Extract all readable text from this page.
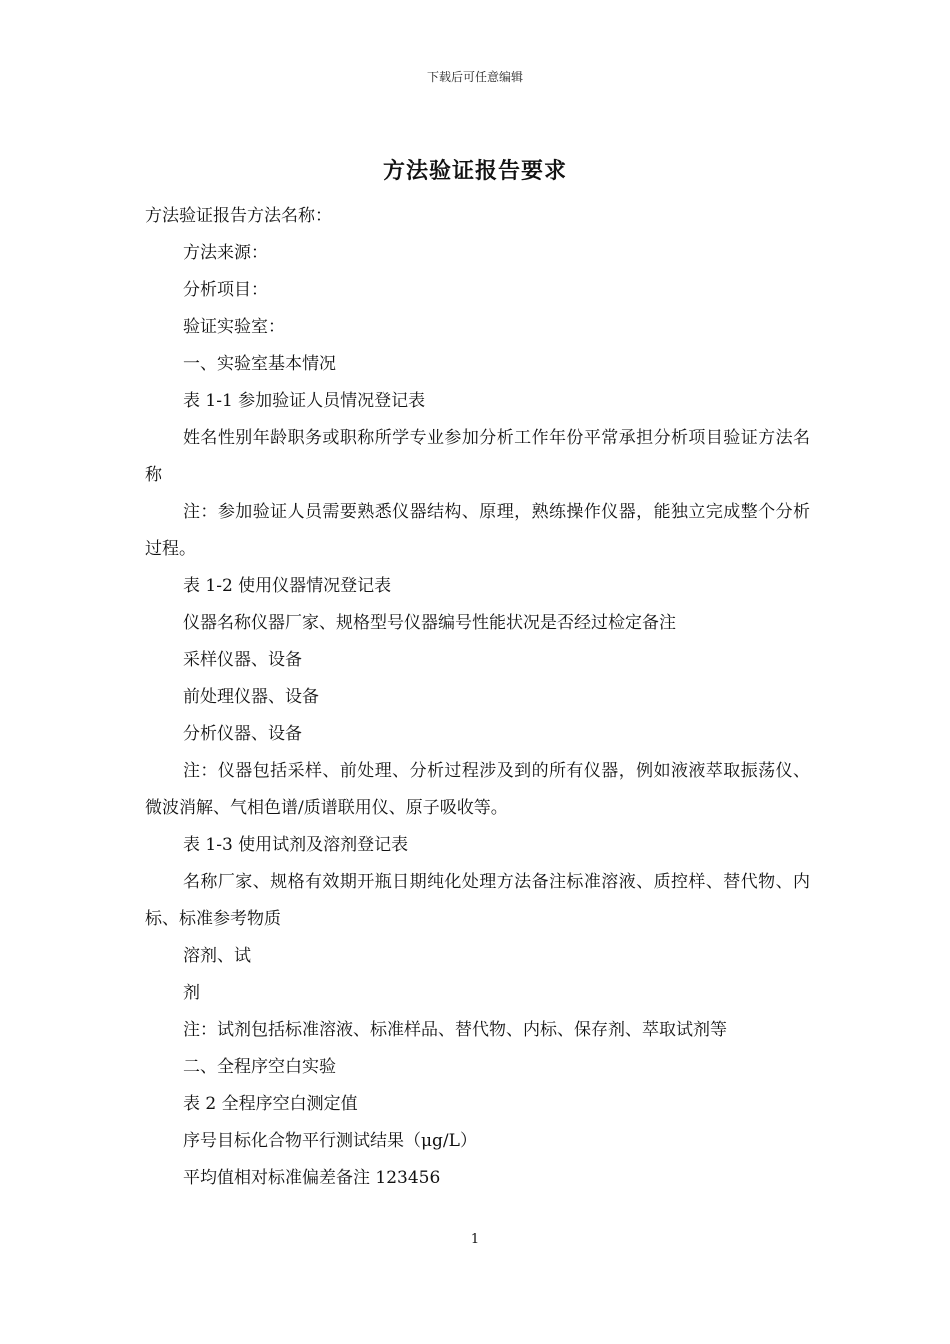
下载后可任意编辑
方法验证报告要求

方法验证报告方法名称：

方法来源：

分析项目：

验证实验室：

一、实验室基本情况

表 1-1 参加验证人员情况登记表

姓名性别年龄职务或职称所学专业参加分析工作年份平常承担分析项目验证方法名称

注：参加验证人员需要熟悉仪器结构、原理，熟练操作仪器，能独立完成整个分析过程。

表 1-2 使用仪器情况登记表

仪器名称仪器厂家、规格型号仪器编号性能状况是否经过检定备注

采样仪器、设备

前处理仪器、设备

分析仪器、设备

注：仪器包括采样、前处理、分析过程涉及到的所有仪器，例如液液萃取振荡仪、微波消解、气相色谱/质谱联用仪、原子吸收等。

表 1-3 使用试剂及溶剂登记表

名称厂家、规格有效期开瓶日期纯化处理方法备注标准溶液、质控样、替代物、内标、标准参考物质

溶剂、试

剂

注：试剂包括标准溶液、标准样品、替代物、内标、保存剂、萃取试剂等

二、全程序空白实验

表 2 全程序空白测定值

序号目标化合物平行测试结果（μg/L）

平均值相对标准偏差备注 123456

1
